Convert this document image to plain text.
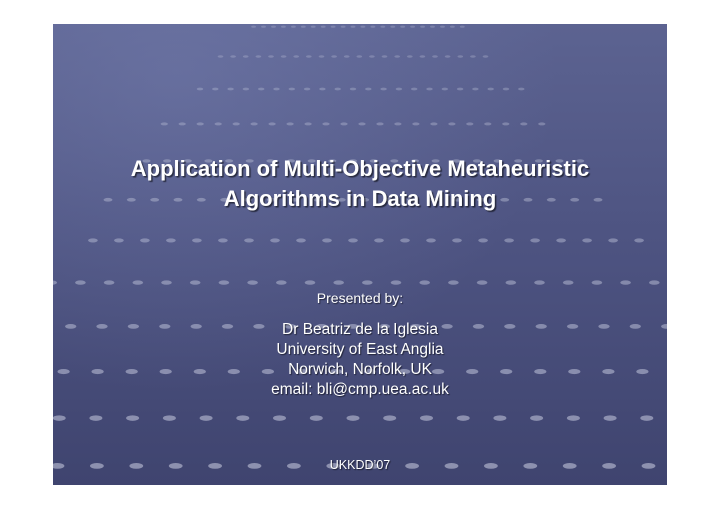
Application of Multi-Objective Metaheuristic
Algorithms in Data Mining
Presented by:
Dr Beatriz de la Iglesia
University of East Anglia
Norwich, Norfolk, UK
email: bli@cmp.uea.ac.uk
UKKDD’07
